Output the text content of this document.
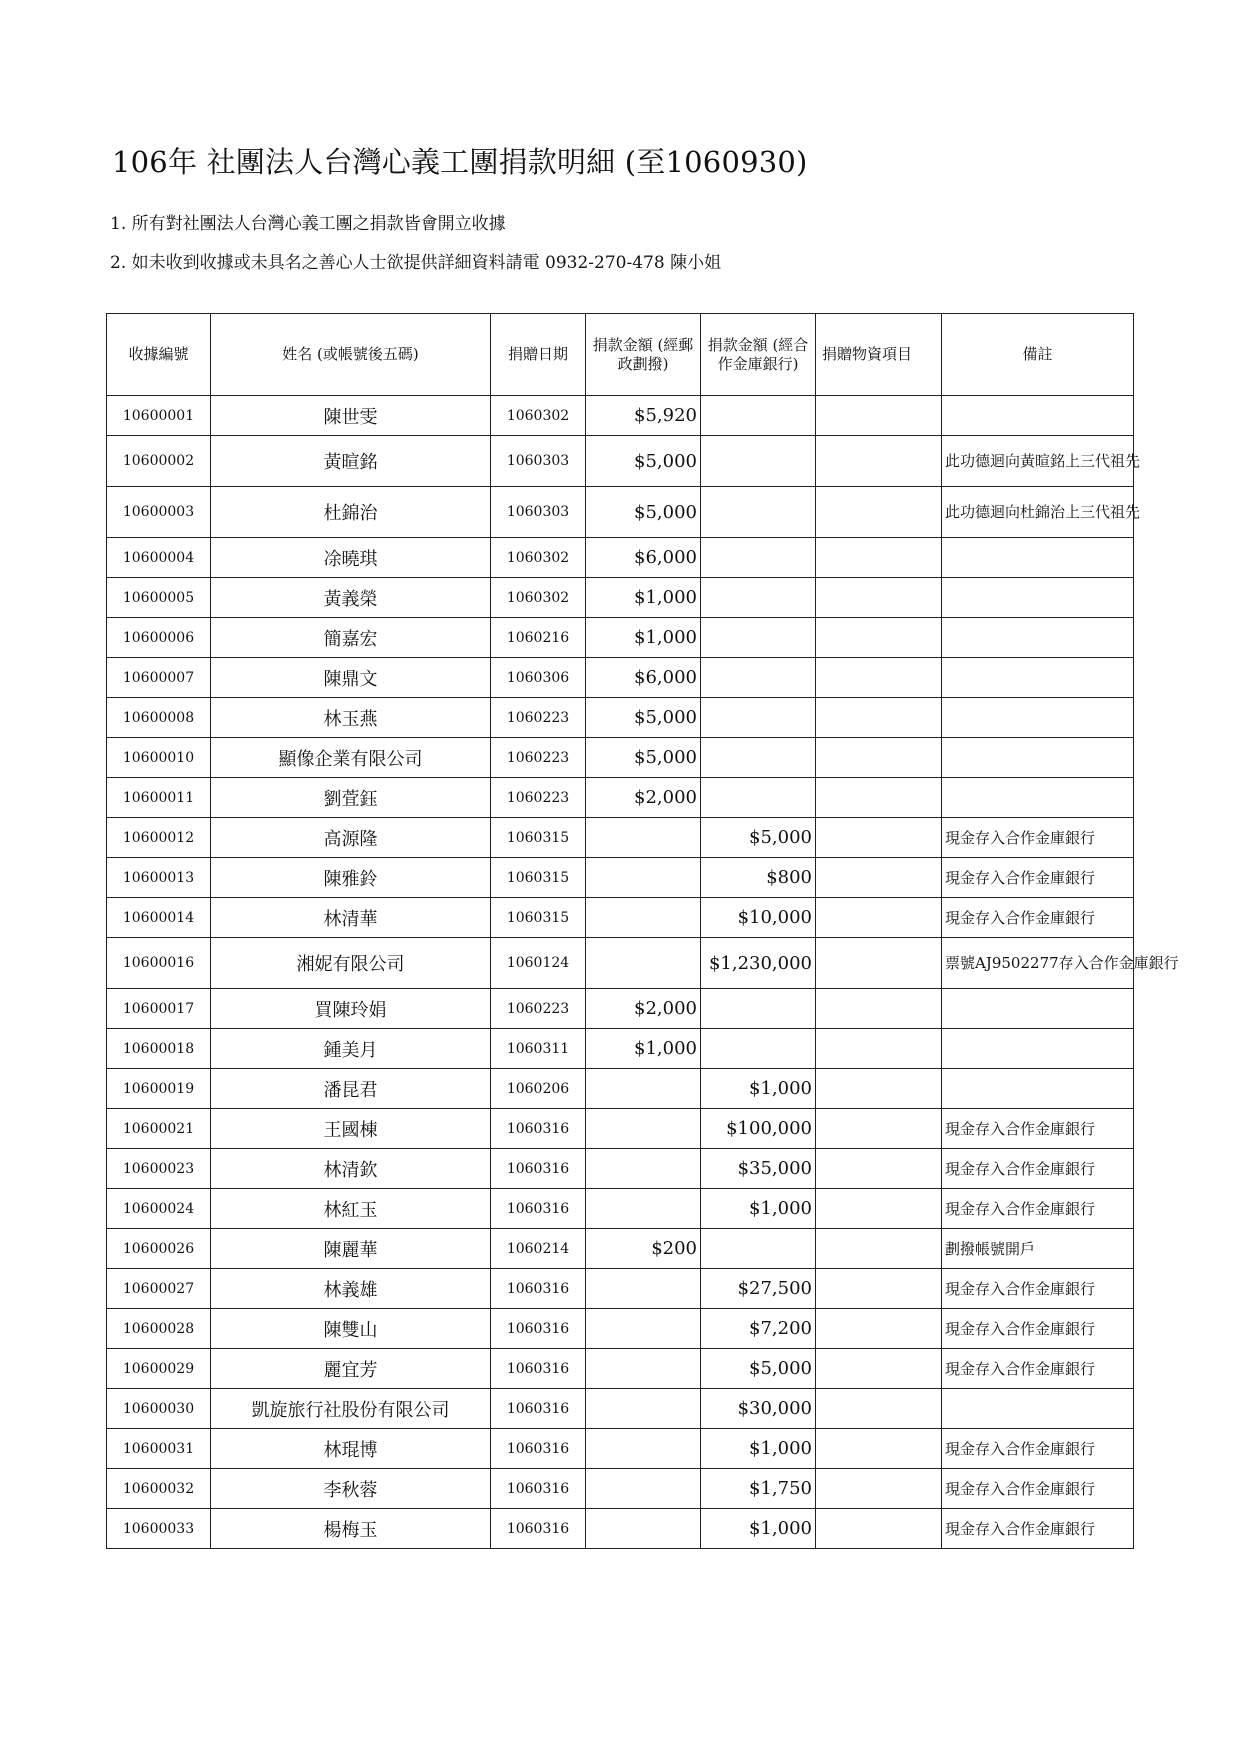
106年 社團法人台灣心義工團捐款明細 (至1060930)
1. 所有對社團法人台灣心義工團之捐款皆會開立收據
2. 如未收到收據或未具名之善心人士欲提供詳細資料請電 0932-270-478 陳小姐
收據編號	姓名 (或帳號後五碼)	捐贈日期	捐款金額 (經郵政劃撥)	捐款金額 (經合作金庫銀行)	捐贈物資項目	備註
10600001	陳世雯	1060302	$5,920			
10600002	黃暄銘	1060303	$5,000			此功德迴向黃暄銘上三代祖先
10600003	杜錦治	1060303	$5,000			此功德迴向杜錦治上三代祖先
10600004	凃曉琪	1060302	$6,000			
10600005	黃義榮	1060302	$1,000			
10600006	簡嘉宏	1060216	$1,000			
10600007	陳鼎文	1060306	$6,000			
10600008	林玉燕	1060223	$5,000			
10600010	顯像企業有限公司	1060223	$5,000			
10600011	劉萓鈺	1060223	$2,000			
10600012	高源隆	1060315		$5,000		現金存入合作金庫銀行
10600013	陳雅鈴	1060315		$800		現金存入合作金庫銀行
10600014	林清華	1060315		$10,000		現金存入合作金庫銀行
10600016	湘妮有限公司	1060124		$1,230,000		票號AJ9502277存入合作金庫銀行
10600017	買陳玲娟	1060223	$2,000			
10600018	鍾美月	1060311	$1,000			
10600019	潘昆君	1060206		$1,000		
10600021	王國棟	1060316		$100,000		現金存入合作金庫銀行
10600023	林清欽	1060316		$35,000		現金存入合作金庫銀行
10600024	林紅玉	1060316		$1,000		現金存入合作金庫銀行
10600026	陳麗華	1060214	$200			劃撥帳號開戶
10600027	林義雄	1060316		$27,500		現金存入合作金庫銀行
10600028	陳雙山	1060316		$7,200		現金存入合作金庫銀行
10600029	麗宜芳	1060316		$5,000		現金存入合作金庫銀行
10600030	凱旋旅行社股份有限公司	1060316		$30,000		
10600031	林琨博	1060316		$1,000		現金存入合作金庫銀行
10600032	李秋蓉	1060316		$1,750		現金存入合作金庫銀行
10600033	楊梅玉	1060316		$1,000		現金存入合作金庫銀行
